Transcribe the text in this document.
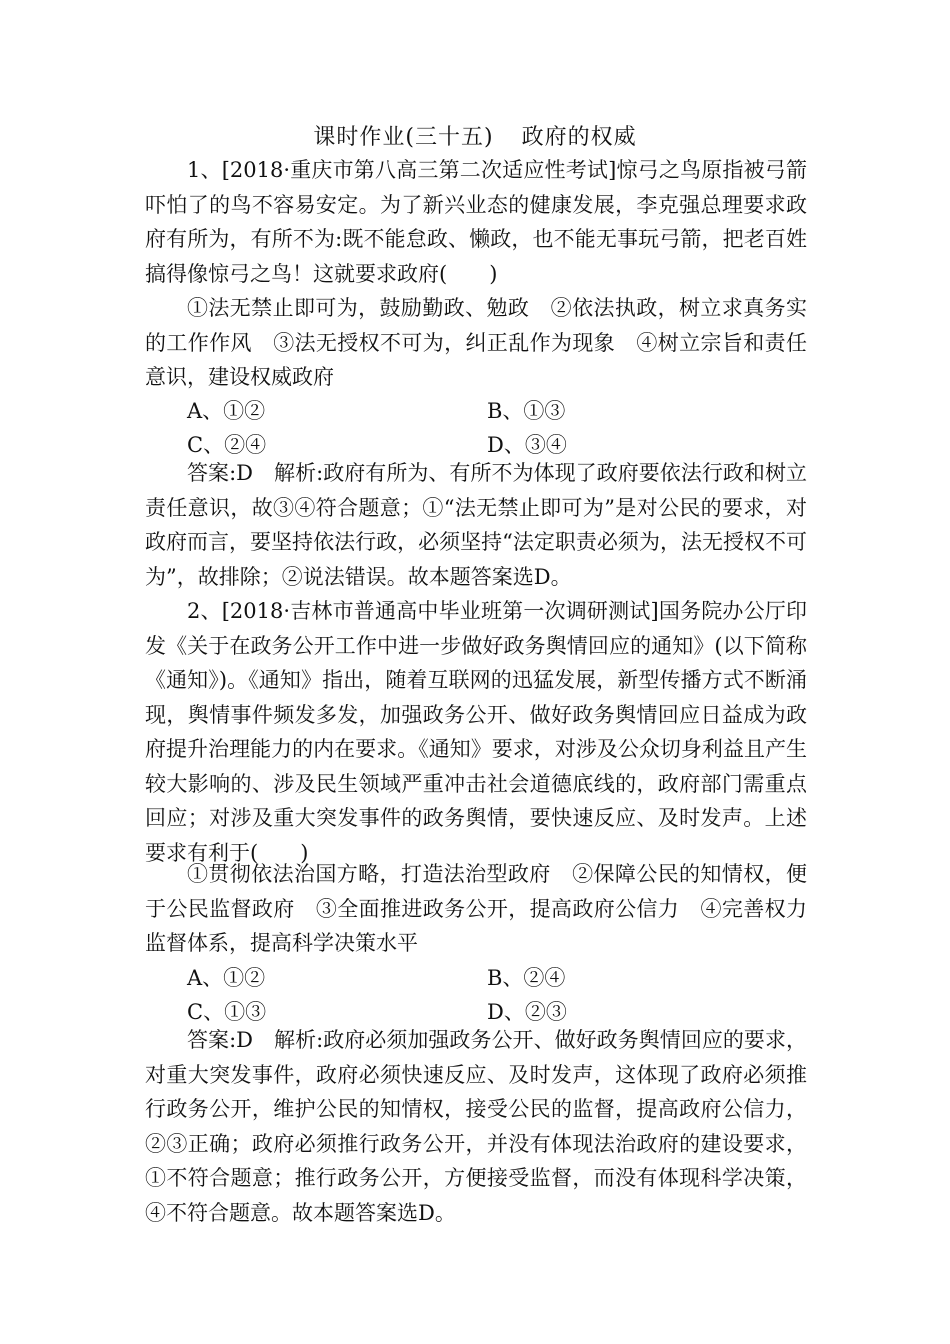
课时作业(三十五) 政府的权威

1、[2018·重庆市第八高三第二次适应性考试]惊弓之鸟原指被弓箭吓怕了的鸟不容易安定。为了新兴业态的健康发展，李克强总理要求政府有所为，有所不为:既不能怠政、懒政，也不能无事玩弓箭，把老百姓搞得像惊弓之鸟！这就要求政府(　　)

①法无禁止即可为，鼓励勤政、勉政　②依法执政，树立求真务实的工作作风　③法无授权不可为，纠正乱作为现象　④树立宗旨和责任意识，建设权威政府

A、①②	B、①③
C、②④	D、③④

答案:D　解析:政府有所为、有所不为体现了政府要依法行政和树立责任意识，故③④符合题意；①“法无禁止即可为”是对公民的要求，对政府而言，要坚持依法行政，必须坚持“法定职责必须为，法无授权不可为”，故排除；②说法错误。故本题答案选D。

2、[2018·吉林市普通高中毕业班第一次调研测试]国务院办公厅印发《关于在政务公开工作中进一步做好政务舆情回应的通知》(以下简称《通知》)。《通知》指出，随着互联网的迅猛发展，新型传播方式不断涌现，舆情事件频发多发，加强政务公开、做好政务舆情回应日益成为政府提升治理能力的内在要求。《通知》要求，对涉及公众切身利益且产生较大影响的、涉及民生领域严重冲击社会道德底线的，政府部门需重点回应；对涉及重大突发事件的政务舆情，要快速反应、及时发声。上述要求有利于(　　)

①贯彻依法治国方略，打造法治型政府　②保障公民的知情权，便于公民监督政府　③全面推进政务公开，提高政府公信力　④完善权力监督体系，提高科学决策水平

A、①②	B、②④
C、①③	D、②③

答案:D　解析:政府必须加强政务公开、做好政务舆情回应的要求，对重大突发事件，政府必须快速反应、及时发声，这体现了政府必须推行政务公开，维护公民的知情权，接受公民的监督，提高政府公信力，②③正确；政府必须推行政务公开，并没有体现法治政府的建设要求，①不符合题意；推行政务公开，方便接受监督，而没有体现科学决策，④不符合题意。故本题答案选D。
